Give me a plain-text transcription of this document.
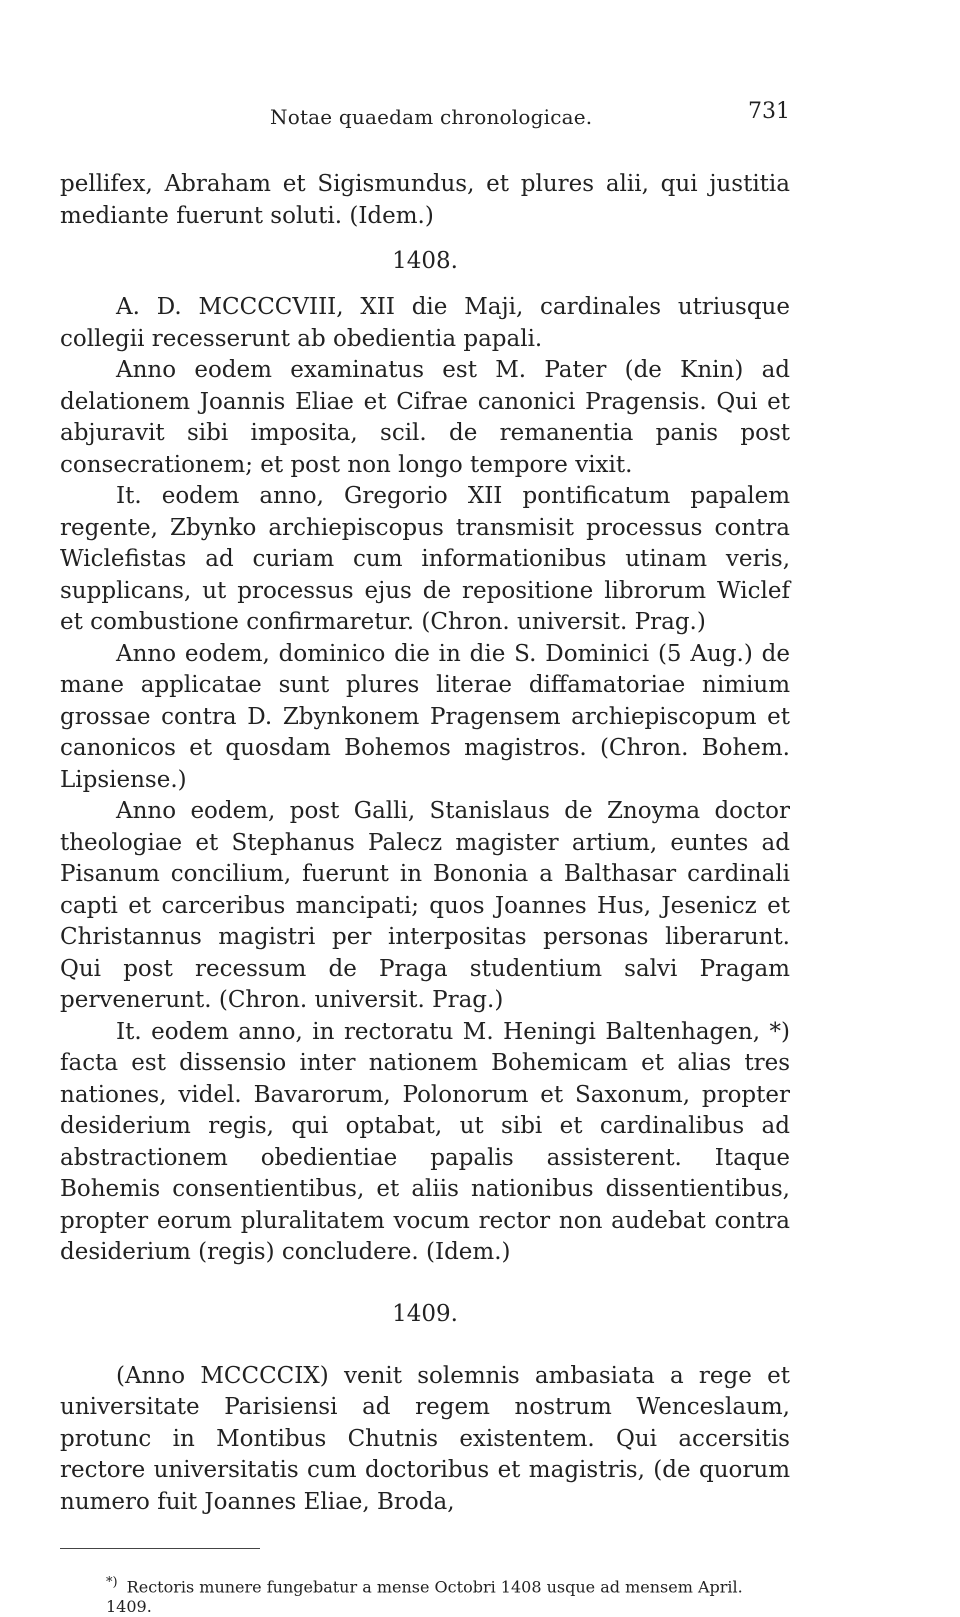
Notae quaedam chronologicae.	731

pellifex, Abraham et Sigismundus, et plures alii, qui justitia mediante fuerunt soluti. (Idem.)

1408.

A. D. MCCCCVIII, XII die Maji, cardinales utriusque collegii recesserunt ab obedientia papali.

Anno eodem examinatus est M. Pater (de Knin) ad delationem Joannis Eliae et Cifrae canonici Pragensis. Qui et abjuravit sibi imposita, scil. de remanentia panis post consecrationem; et post non longo tempore vixit.

It. eodem anno, Gregorio XII pontificatum papalem regente, Zbynko archiepiscopus transmisit processus contra Wiclefistas ad curiam cum informationibus utinam veris, supplicans, ut processus ejus de repositione librorum Wiclef et combustione confirmaretur. (Chron. universit. Prag.)

Anno eodem, dominico die in die S. Dominici (5 Aug.) de mane applicatae sunt plures literae diffamatoriae nimium grossae contra D. Zbynkonem Pragensem archiepiscopum et canonicos et quosdam Bohemos magistros. (Chron. Bohem. Lipsiense.)

Anno eodem, post Galli, Stanislaus de Znoyma doctor theologiae et Stephanus Palecz magister artium, euntes ad Pisanum concilium, fuerunt in Bononia a Balthasar cardinali capti et carceribus mancipati; quos Joannes Hus, Jesenicz et Christannus magistri per interpositas personas liberarunt. Qui post recessum de Praga studentium salvi Pragam pervenerunt. (Chron. universit. Prag.)

It. eodem anno, in rectoratu M. Heningi Baltenhagen, *) facta est dissensio inter nationem Bohemicam et alias tres nationes, videl. Bavarorum, Polonorum et Saxonum, propter desiderium regis, qui optabat, ut sibi et cardinalibus ad abstractionem obedientiae papalis assisterent. Itaque Bohemis consentientibus, et aliis nationibus dissentientibus, propter eorum pluralitatem vocum rector non audebat contra desiderium (regis) concludere. (Idem.)

1409.

(Anno MCCCCIX) venit solemnis ambasiata a rege et universitate Parisiensi ad regem nostrum Wenceslaum, protunc in Montibus Chutnis existentem. Qui accersitis rectore universitatis cum doctoribus et magistris, (de quorum numero fuit Joannes Eliae, Broda,

*) Rectoris munere fungebatur a mense Octobri 1408 usque ad mensem April. 1409.
